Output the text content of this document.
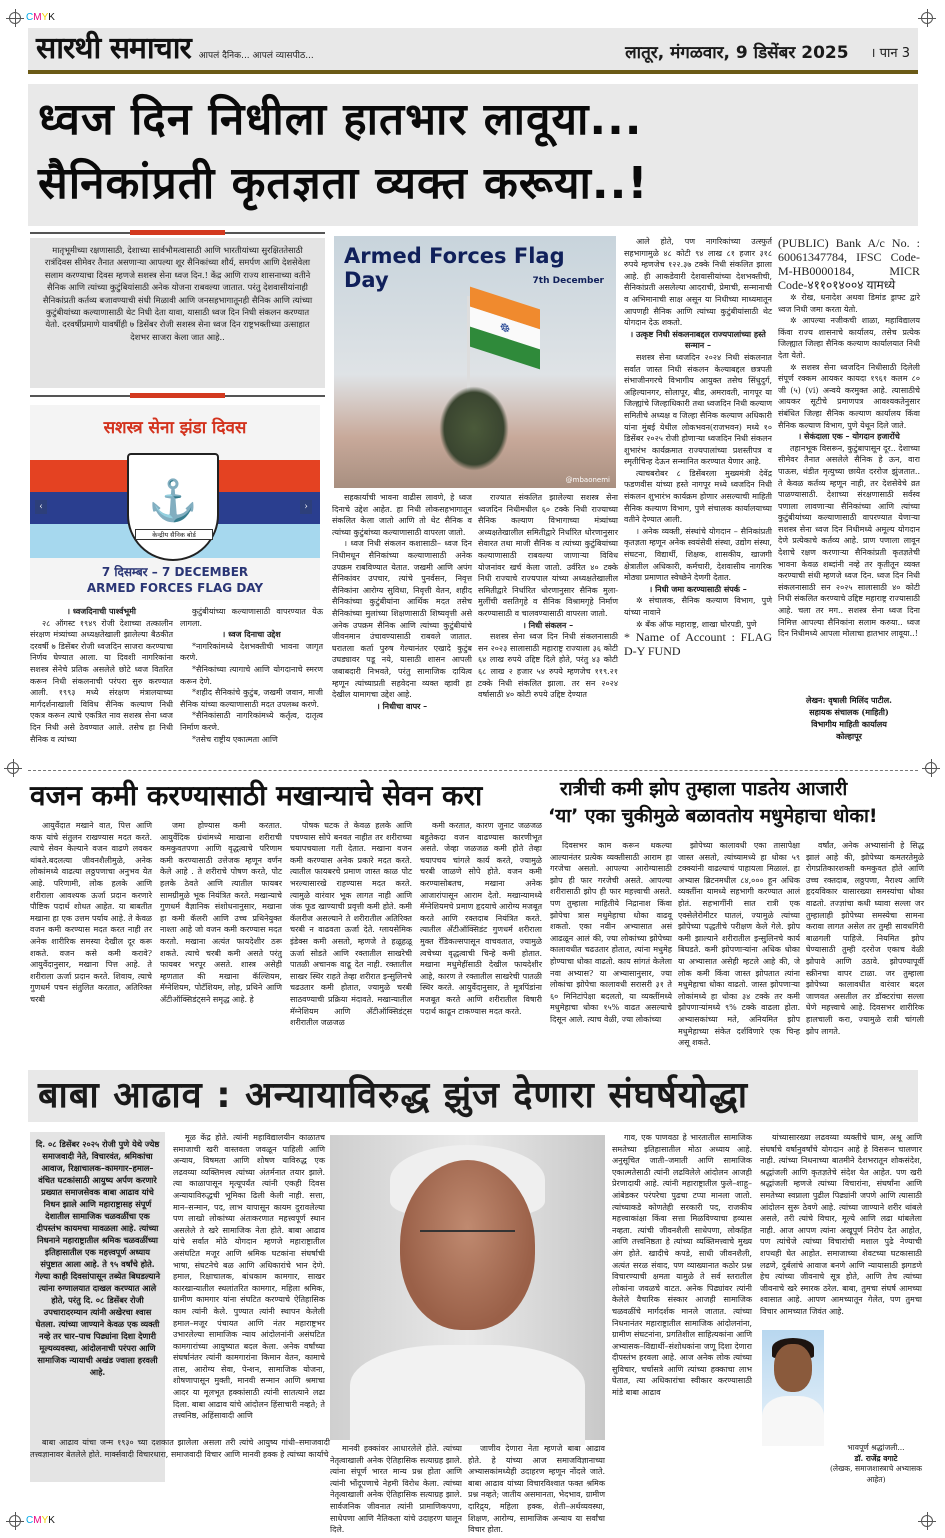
CMYK
CMYK
सारथी समाचार आपलं दैनिक... आपलं व्यासपीठ...	लातूर, मंगळवार, 9 डिसेंबर 2025 । पान 3
ध्वज दिन निधीला हातभार लावूया...
सैनिकांप्रती कृतज्ञता व्यक्त करूया..!
मातृभूमीच्या रक्षणासाठी, देशाच्या सार्वभौमत्वासाठी आणि भारतीयांच्या सुरक्षिततेसाठी रात्रंदिवस सीमेवर तैनात असणाऱ्या आपल्या शूर सैनिकांच्या शौर्य, समर्पण आणि देशसेवेला सलाम करण्याचा दिवस म्हणजे सशस्त्र सेना ध्वज दिन.! केंद्र आणि राज्य शासनाच्या वतीने सैनिक आणि त्यांच्या कुटुंबियांसाठी अनेक योजना राबवल्या जातात. परंतु देशवासीयांनाही सैनिकांप्रती कर्तव्य बजावण्याची संधी मिळावी आणि जनसहभागातूनही सैनिक आणि त्यांच्या कुटुंबीयांच्या कल्याणासाठी थेट निधी देता यावा, यासाठी ध्वज दिन निधी संकलन करण्यात येतो. दरवर्षीप्रमाणे यावर्षीही ७ डिसेंबर रोजी सशस्त्र सेना ध्वज दिन राष्ट्रभक्तीच्या उत्साहात देशभर साजरा केला जात आहे..
सशस्त्र सेना झंडा दिवस
⚓
केन्द्रीय सैनिक बोर्ड
‹	›
7 दिसम्बर – 7 DECEMBER
ARMED FORCES FLAG DAY
Armed Forces Flag Day	7th December
☸
@mbaonemi

। ध्वजदिनाची पार्श्वभूमी

२८ ऑगस्ट १९४९ रोजी देशाच्या तत्कालीन संरक्षण मंत्र्यांच्या अध्यक्षतेखाली झालेल्या बैठकीत दरवर्षी ७ डिसेंबर रोजी ध्वजदिन साजरा करण्याचा निर्णय घेण्यात आला. या दिवशी नागरिकांना सशस्त्र सेनेचे प्रतिक असलेले छोटे ध्वज वितरित करून निधी संकलनाची परंपरा सुरु करण्यात आली. १९९३ मध्ये संरक्षण मंत्रालयाच्या मार्गदर्शनाखाली विविध सैनिक कल्याण निधी एकत्र करून त्याचे एकत्रित नाव सशस्त्र सेना ध्वज दिन निधी असे ठेवण्यात आले. तसेच हा निधी सैनिक व त्यांच्या

कुटुंबीयांच्या कल्याणासाठी वापरण्यात येऊ लागला.

। ध्वज दिनाचा उद्देश

*नागरिकांमध्ये देशभक्तीची भावना जागृत करणे.

*सैनिकांच्या त्यागाचे आणि योगदानाचे स्मरण करून देणे.

*शहीद सैनिकांचे कुटुंब, जखमी जवान, माजी सैनिक यांच्या कल्याणासाठी मदत उपलब्ध करणे.

*सैनिकांसाठी नागरिकांमध्ये कर्तृत्व, दातृत्व निर्माण करणे.

*तसेच राष्ट्रीय एकात्मता आणि

सहकार्याची भावना वाढीस लावणे, हे ध्वज दिनाचे उद्देश आहेत. हा निधी लोकसहभागातून संकलित केला जातो आणि तो थेट सैनिक व त्यांच्या कुटुंबांच्या कल्याणासाठी वापरला जातो.

। ध्वज निधी संकलन कशासाठी– ध्वज दिन निधीमधून सैनिकांच्या कल्याणासाठी अनेक उपक्रम राबविण्यात येतात. जखमी आणि अपंग सैनिकांवर उपचार, त्यांचे पुनर्वसन, निवृत्त सैनिकांना आरोग्य सुविधा, निवृत्ती वेतन, शहीद सैनिकांच्या कुटुंबीयांना आर्थिक मदत तसेच सैनिकांच्या मुलांच्या शिक्षणासाठी शिष्यवृत्ती असे अनेक उपक्रम सैनिक आणि त्यांच्या कुटुंबीयांचे जीवनमान उंचावण्यासाठी राबवले जातात. घरातला कर्ता पुरुष गेल्यानंतर एखादे कुटुंब उघड्यावर पडू नये, यासाठी शासन आपली जबाबदारी निभवते, परंतु सामाजिक दायित्व म्हणून त्यांच्याप्रती सहवेदना व्यक्त व्हावी हा देखील यामागचा उद्देश आहे.

। निधीचा वापर –

राज्यात संकलित झालेल्या सशस्त्र सेना ध्वजदिन निधीमधील ६० टक्के निधी राज्याच्या सैनिक कल्याण विभागाच्या मंत्र्यांच्या अध्यक्षतेखालील समितीद्वारे निर्धारित धोरणानुसार सेवारत तथा माजी सैनिक व त्यांच्या कुटुंबियांच्या कल्याणासाठी राबवल्या जाणाऱ्या विविध योजनांवर खर्च केला जातो. उर्वरित ४० टक्के निधी राज्याचे राज्यपाल यांच्या अध्यक्षतेखालील समितीद्वारे निर्धारित धोरणानुसार सैनिक मुला-मुलींची वसतिगृहे व सैनिक विश्रामगृहे निर्माण करण्यासाठी व चालवण्यासाठी वापरला जातो.

। निधी संकलन –

सशस्त्र सेना ध्वज दिन निधी संकलनासाठी सन २०२३ सालासाठी महाराष्ट्र राज्याला ३६ कोटी ६४ लाख रुपये उद्दिष्ट दिले होते, परंतु ४३ कोटी ६८ लाख २ हजार ५४ रुपये म्हणजेच ११९.२१ टक्के निधी संकलित झाला. तर सन २०२४ वर्षासाठी ४० कोटी रुपये उद्दिष्ट देण्यात

आले होते, पण नागरिकांच्या उत्स्फुर्त सहभागामुळे ४८ कोटी ९४ लाख ८१ हजार ३१८ रुपये म्हणजेच १२२.३७ टक्के निधी संकलित झाला आहे. ही आकडेवारी देशवासीयांच्या देशभक्तीची, सैनिकांप्रती असलेल्या आदराची, प्रेमाची, सन्मानाची व अभिमानाची साक्ष असून या निधीच्या माध्यमातून आपणही सैनिक आणि त्यांच्या कुटुंबीयांसाठी थेट योगदान देऊ शकतो.

। उत्कृष्ट निधी संकलनाबद्दल राज्यपालांच्या हस्ते सन्मान –

सशस्त्र सेना ध्वजदिन २०२४ निधी संकलनात सर्वात जास्त निधी संकलन केल्याबद्दल छत्रपती संभाजीनगरचे विभागीय आयुक्त तसेच सिंधुदुर्ग, अहिल्यानगर, सोलापूर, बीड, अमरावती, नागपूर या जिल्ह्यांचे जिल्हाधिकारी तथा ध्वजदिन निधी कल्याण समितीचे अध्यक्ष व जिल्हा सैनिक कल्याण अधिकारी यांना मुंबई येथील लोकभवन(राजभवन) मध्ये १० डिसेंबर २०२५ रोजी होणाऱ्या ध्वजदिन निधी संकलन शुभारंभ कार्यक्रमात राज्यपालांच्या प्रशस्तीपत्र व स्मृतीचिन्ह देऊन सन्मानित करण्यात येणार आहे.

त्याचबरोबर ८ डिसेंबरला मुख्यमंत्री देवेंद्र फडणवीस यांच्या हस्ते नागपूर मध्ये ध्वजदिन निधी संकलन शुभारंभ कार्यक्रम होणार असल्याची माहिती सैनिक कल्याण विभाग, पुणे संचालक कार्यालयाच्या वतीने देण्यात आली.

। अनेक व्यक्ती, संस्थांचे योगदान – सैनिकांप्रती कृतज्ञता म्हणून अनेक स्वयंसेवी संस्था, उद्योग संस्था, संघटना, विद्यार्थी, शिक्षक, शासकीय, खाजगी क्षेत्रातील अधिकारी, कर्मचारी, देशवासीय नागरिक मोठ्या प्रमाणात स्वेच्छेने देणगी देतात.

। निधी जमा करण्यासाठी संपर्क –

✲ संचालक, सैनिक कल्याण विभाग, पुणे यांच्या नावाने

✲ बँक ऑफ महाराष्ट्र, शाखा घोरपडी, पुणे

* Name of Account : FLAG D-Y FUND

(PUBLIC) Bank A/c No. : 60061347784, IFSC Code-M-HB0000184, MICR Code-४११०१४००४ यामध्ये

✲ रोख, धनादेश अथवा डिमांड ड्राफ्ट द्वारे ध्वज निधी जमा करता येतो.

✲ आपल्या नजीकची शाळा, महाविद्यालय किंवा राज्य शासनाचे कार्यालय, तसेच प्रत्येक जिल्ह्यात जिल्हा सैनिक कल्याण कार्यालयात निधी देता येतो.

✲ सशस्त्र सेना ध्वजदिन निधीसाठी दिलेली संपूर्ण रक्कम आयकर कायदा १९६१ कलम ८० जी (५) (vi) अन्वये करमुक्त आहे. त्यासाठीचे आयकर सूटीचे प्रमाणपत्र आवश्यकतेनुसार संबंधित जिल्हा सैनिक कल्याण कार्यालय किंवा सैनिक कल्याण विभाग, पुणे येथून दिले जाते.

। सेकंदाला एक – योगदान हजारोंचे

तहानभूक विसरून, कुटुंबापासून दूर.. देशाच्या सीमेवर तैनात असलेले सैनिक हे ऊन, वारा पाऊस, थंडीत मृत्युच्या छायेत दररोज झुंजतात.. ते केवळ कर्तव्य म्हणून नाही, तर देशसेवेचे व्रत पाळण्यासाठी. देशाच्या संरक्षणासाठी सर्वस्व पणाला लावणाऱ्या सैनिकांच्या आणि त्यांच्या कुटुंबीयांच्या कल्याणासाठी वापरण्यात येणाऱ्या सशस्त्र सेना ध्वज दिन निधीमध्ये अमूल्य योगदान देणे प्रत्येकाचे कर्तव्य आहे. प्राण पणाला लावून देशाचे रक्षण करणाऱ्या सैनिकांप्रती कृतज्ञतेची भावना केवळ शब्दांनी नव्हे तर कृतीतून व्यक्त करण्याची संधी म्हणजे ध्वज दिन. ध्वज दिन निधी संकलनासाठी सन २०२५ सालासाठी ४० कोटी निधी संकलित करण्याचे उद्दिष्ट महाराष्ट्र राज्यासाठी आहे. चला तर मग.. सशस्त्र सेना ध्वज दिना निमित्त आपल्या सैनिकांना सलाम करुया.. ध्वज दिन निधीमध्ये आपला मोलाचा हातभार लावूया..!

लेखन: वृषाली मिलिंद पाटील.
सहायक संचालक (माहिती)
विभागीय माहिती कार्यालय
कोल्हापूर
वजन कमी करण्यासाठी मखान्याचे सेवन करा

आयुर्वेदात मखाने वात, पित्त आणि कफ यांचे संतुलन राखण्यास मदत करते. त्याचे सेवन केल्याने वजन वाढणे लवकर थांबते.बदलत्या जीवनशैलीमुळे, अनेक लोकांमध्ये वाढत्या लठ्ठपणाचा अनुभव येत आहे. परिणामी, लोक हलके आणि शरीराला आवश्यक ऊर्जा प्रदान करणारे पौष्टिक पदार्थ शोधत आहेत. या बाबतीत मखाना हा एक उत्तम पर्याय आहे. ते केवळ वजन कमी करण्यास मदत करत नाही तर अनेक शारीरिक समस्या देखील दूर करू शकते. वजन कसे कमी करावे? आयुर्वेदानुसार, मखाना पित्त आहे. ते शरीराला ऊर्जा प्रदान करते. शिवाय, त्याचे गुणधर्म पचन संतुलित करतात, अतिरिक्त चरबी

जमा होण्यास कमी करतात. आयुर्वेदिक ग्रंथांमध्ये माखाना शरीराची कमकुवतपणा आणि वृद्धत्वाचे परिणाम कमी करण्यासाठी उत्तेजक म्हणून वर्णन केले आहे . ते शरीराचे पोषण करते, पोट हलके ठेवते आणि त्यातील फायबर सामग्रीमुळे भूक नियंत्रित करते. मखान्याचे गुणधर्म वैज्ञानिक संशोधनानुसार, मखाना हा कमी कॅलरी आणि उच्च प्रथिनेयुक्त नाश्ता आहे जो वजन कमी करण्यास मदत करतो. मखाना अत्यंत फायदेशीर ठरू शकते. त्याचे चरबी कमी असते परंतु फायबर भरपूर असते. शास्त्र असेही म्हणतात की मखाना कॅल्शियम, मॅग्नेशियम, पोटॅशियम, लोह, प्रथिने आणि अँटीऑक्सिडंट्सने समृद्ध आहे. हे

पोषक घटक ते केवळ हलके आणि पचण्यास सोपे बनवत नाहीत तर शरीराच्या चयापचयाला गती देतात. मखाना वजन कमी करण्यास अनेक प्रकारे मदत करते. त्यातील फायबरचे प्रमाण जास्त काळ पोट भरल्यासारखे राहण्यास मदत करते. त्यामुळे वारंवार भूक लागत नाही आणि जंक फूड खाण्याची प्रवृत्ती कमी होते. कमी कॅलरीज असल्याने ते शरीरातील अतिरिक्त चरबी न वाढवता ऊर्जा देते. ग्लायसेमिक इंडेक्स कमी असतो, म्हणजे ते हळूहळू ऊर्जा सोडते आणि रक्तातील साखरेची पातळी अचानक वाढू देत नाही. रक्तातील साखर स्थिर राहते तेव्हा शरीरात इन्सुलिनचे चढउतार कमी होतात, ज्यामुळे चरबी साठवण्याची प्रक्रिया मंदावते. मखान्यातील मॅग्नेशियम आणि अँटीऑक्सिडंट्स शरीरातील जळजळ

कमी करतात, कारण जुनाट जळजळ बहुतेकदा वजन वाढण्यास कारणीभूत असते. जेव्हा जळजळ कमी होते तेव्हा चयापचय चांगले कार्य करते, ज्यामुळे चरबी जाळणे सोपे होते. वजन कमी करण्यासोबतच, मखाना अनेक आजारांपासून आराम देतो. मखान्यामध्ये मॅग्नेशियमचे प्रमाण हृदयाचे आरोग्य मजबूत करते आणि रक्तदाब नियंत्रित करते. त्यातील अँटीऑक्सिडंट गुणधर्म शरीराला मुक्त रॅडिकल्सपासून वाचवतात, ज्यामुळे त्वचेच्या वृद्धत्वाची चिन्हे कमी होतात. मखाना मधुमेहींसाठी देखील फायदेशीर आहे, कारण ते रक्तातील साखरेची पातळी स्थिर करते. आयुर्वेदानुसार, ते मूत्रपिंडांना मजबूत करते आणि शरीरातील विषारी पदार्थ काढून टाकण्यास मदत करते.

रात्रीची कमी झोप तुम्हाला पाडतेय आजारी
‘या’ एका चुकीमुळे बळावतोय मधुमेहाचा धोका!

दिवसभर काम करून थकल्या आल्यानंतर प्रत्येक व्यक्तीसाठी आराम हा गरजेचा असतो. आपल्या आरोग्यासाठी झोप ही फार गरजेची असते. आपल्या शरीरासाठी झोप ही फार महत्त्वाची असते. पण तुम्हाला माहितीये निद्रानाश किंवा झोपेचा त्रास मधुमेहाचा धोका वाढवू शकतो. एका नवीन अभ्यासात असं आढळून आलं की, ज्या लोकांच्या झोपेच्या कालावधीत चढउतार होतात, त्यांना मधुमेह होण्याचा धोका वाढतो. काय सांगतं केलेला नवा अभ्यास? या अभ्यासानुसार, ज्या लोकांचा झोपेचा कालावधी सरासरी ३१ ते ६० मिनिटांपेक्षा बदलतो, या व्यक्तींमध्ये मधुमेहाचा धोका १५% वाढत असल्याचे दिसून आले. त्याच वेळी, ज्या लोकांच्या

झोपेच्या कालावधी एका तासापेक्षा जास्त असतो, त्यांच्यामध्ये हा धोका ५९ टक्क्यांनी वाढल्याचं पाहायला मिळालं. हा अभ्यास ब्रिटनमधील ८४,००० हून अधिक व्यक्तींना यामध्ये सहभागी करण्यात आलं होतं. सहभागींनी सात रात्री एक एक्सेलेरोमीटर घातलं, ज्यामुळे त्यांच्या झोपेच्या पद्धतीचे परीक्षण केले गेले. झोप कमी झाल्याने शरीरातील इन्सुलिनचे कार्य बिघडते. कमी झोपणाऱ्यांना अधिक धोका या अभ्यासात असेही म्हटले आहे की, जे लोक कमी किंवा जास्त झोपतात त्यांना मधुमेहाचा धोका वाढतो. जास्त झोपणाऱ्या लोकांमध्ये हा धोका ३४ टक्के तर कमी झोपणाऱ्यांमध्ये ९% टक्के वाढला होता. अभ्यासकांच्या मते, अनियमित झोप मधुमेहाच्या संकेत दर्शविणारे एक चिन्ह असू शकते.

वर्षांत, अनेक अभ्यासांनी हे सिद्ध झालं आहे की, झोपेच्या कमतरतेमुळे रोगप्रतिकारशक्ती कमकुवत होते आणि उच्च रक्तदाब, लठ्ठपणा, नैराश्य आणि हृदयविकार यासारख्या समस्यांचा धोका वाढतो. तज्ज्ञांचा कधी घ्यावा सल्ला जर तुम्हालाही झोपेच्या समस्येचा सामना करावा लागत असेल तर तुम्ही सावधगिरी बाळगली पाहिजे. नियमित झोप घेण्यासाठी तुम्ही दररोज एकाच वेळी झोपावे आणि उठावे. झोपण्यापूर्वी स्क्रीनचा वापर टाळा. जर तुम्हाला झोपेच्या कालावधीत वारंवार बदल जाणवत असतील तर डॉक्टरांचा सल्ला घेणे महत्त्वाचे आहे. दिवसभर शारीरिक हालचाली करा, ज्यामुळे रात्री चांगली झोप लागते.

बाबा आढाव : अन्यायाविरुद्ध झुंज देणारा संघर्षयोद्धा
दि. ०८ डिसेंबर २०२५ रोजी पुणे येथे ज्येष्ठ समाजवादी नेते, विचारवंत, श्रमिकांचा आवाज, रिक्षाचालक–कामगार–हमाल–वंचित घटकांसाठी आयुष्य अर्पण करणारे प्रख्यात समाजसेवक बाबा आढाव यांचे निधन झाले आणि महाराष्ट्रासह संपूर्ण देशातील सामाजिक चळवळींचा एक दीपस्तंभ कायमचा मावळला आहे. त्यांच्या निधनाने महाराष्ट्रातील श्रमिक चळवळींच्या इतिहासातील एक महत्त्वपूर्ण अध्याय संपुष्टात आला आहे. ते ९५ वर्षांचे होते. गेल्या काही दिवसांपासून तब्येत बिघडल्याने त्यांना रुग्णालयात दाखल करण्यात आले होते, परंतु दि. ०८ डिसेंबर रोजी उपचारादरम्यान त्यांनी अखेरचा श्वास घेतला. त्यांच्या जाण्याने केवळ एक व्यक्ती नव्हे तर चार–पाच पिढ्यांना दिशा देणारी मूल्यव्यवस्था, आंदोलनाची परंपरा आणि सामाजिक न्यायाची अखंड ज्वाला हरवली आहे.

बाबा आढाव यांचा जन्म १९३० च्या दशकात झालेला असला तरी त्यांचे आयुष्य गांधी–समाजवादी तत्त्वज्ञानावर बेतलेले होते. मार्क्सवादी विचारधारा, समाजवादी विचार आणि मानवी हक्क हे त्यांच्या कार्याचे

मानवी हक्कांवर आधारलेले होते. त्यांच्या नेतृत्वाखाली अनेक ऐतिहासिक सत्याग्रह झाले. त्यांना संपूर्ण भारत मान्य प्रश्न होता आणि त्यांनी भोंदूपणाचे नेहमी विरोध केला. त्यांच्या नेतृत्वाखाली अनेक ऐतिहासिक सत्याग्रह झाले. सार्वजनिक जीवनात त्यांनी प्रामाणिकपणा, साधेपणा आणि नैतिकता यांचे उदाहरण घालून दिले.

जाणीव देणारा नेता म्हणजे बाबा आढाव होते. हे यांच्या आज समाजविज्ञानाच्या अभ्यासकांमध्येही उदाहरण म्हणून नोंदले जाते. बाबा आढाव यांच्या विचारविश्वात फक्त श्रमिक प्रश्न नव्हते; जातीय असमानता, भेदभाव, ग्रामीण दारिद्र्य, महिला हक्क, शेती–अर्थव्यवस्था, शिक्षण, आरोग्य, सामाजिक अन्याय या सर्वांचा विचार होता.

गाव, एक पाणवठा हे भारतातील सामाजिक समतेच्या इतिहासातील मोठा अध्याय आहे. अनुसूचित जाती–जमाती आणि सामाजिक एकात्मतेसाठी त्यांनी लढविलेले आंदोलन आजही प्रेरणादायी आहे. त्यांनी महाराष्ट्रातील फुले–शाहू–आंबेडकर परंपरेचा पुढचा टप्पा मानला जातो. त्यांच्याकडे कोणतेही सरकारी पद, राजकीय महत्त्वाकांक्षा किंवा सत्ता मिळविण्याचा हव्यास नव्हता. त्यांची जीवनशैली साधेपणा, लोकहित आणि तत्त्वनिष्ठता हे त्यांच्या व्यक्तिमत्त्वाचे मुख्य अंग होते. खादीचे कपडे, साधी जीवनशैली, अत्यंत सरळ संवाद, पण व्याख्यानात कठोर प्रश्न विचारण्याची क्षमता यामुळे ते सर्व स्तरातील लोकांना जवळचे वाटत. अनेक पिढ्यांवर त्यांनी केलेले वैचारिक संस्कार आजही सामाजिक चळवळींचे मार्गदर्शक मानले जातात. त्यांच्या निधनानंतर महाराष्ट्रातील सामाजिक आंदोलनांना, ग्रामीण संघटनांना, प्रगतिशील साहित्यकांना आणि अभ्यासक–विद्यार्थी–संशोधकांना जणू दिशा देणारा दीपस्तंभ हरवला आहे. आज अनेक लोक त्यांच्या सुविचार, चर्चासत्रे आणि त्यांच्या हक्काचा लाभ घेतात, त्या अधिकारांचा स्वीकार करण्यासाठी मांडे बाबा आढाव

यांच्यासारख्या लढवय्या व्यक्तीचे घाम, अश्रू आणि संघर्षाचे वर्षानुवर्षांचे योगदान आहे हे विसरून चालणार नाही. त्यांच्या निधनाच्या बातमीने देशभरातून शोकसंदेश, श्रद्धांजली आणि कृतज्ञतेचे संदेश येत आहेत. पण खरी श्रद्धांजली म्हणजे त्यांच्या विचारांना, संघर्षांना आणि समतेच्या स्वप्नाला पुढील पिढ्यांनी जपणे आणि त्यासाठी आंदोलन सुरू ठेवणे आहे. त्यांच्या जाण्याने शरीर थांबले असले, तरी त्यांचे विचार, मूल्ये आणि लढा थांबलेला नाही. आज आपण त्यांना अखूपूर्ण निरोप देत आहोत, पण त्यांचेजे त्यांच्या विचारांची मशाल पुढे नेण्याची शपथही घेत आहोत. समाजाच्या शेवटच्या घटकासाठी लढणे, दुर्बलांचे आवाज बनणे आणि न्यायासाठी झगडणे हेच त्यांच्या जीवनाचे सूत्र होते, आणि तेच त्यांच्या जीवनाचे खरे स्मारक ठरेल. बाबा, तुमचा संघर्ष आमच्या श्वासात आहे. आपण आमच्यातून गेलेत, पण तुमचा विचार आमच्यात जिवंत आहे.

मूळ केंद्र होते. त्यांनी महाविद्यालयीन काळातच समाजाची खरी वास्तवता जवळून पाहिली आणि अन्याय, विषमता आणि शोषण याविरुद्ध एक लढवय्या व्यक्तिमत्त्व त्यांच्या अंतर्मनात तयार झाले. त्या काळापासून मृत्यूपर्यंत त्यांनी एकही दिवस अन्यायाविरुद्धची भूमिका ढिली केली नाही. सत्ता, मान–सन्मान, पद, लाभ यापासून कायम दुरावलेल्या पण लाखो लोकांच्या अंतःकरणात महत्त्वपूर्ण स्थान असलेले ते खरे सामाजिक नेता होते. बाबा आढाव यांचे सर्वात मोठे योगदान म्हणजे महाराष्ट्रातील असंघटित मजूर आणि श्रमिक घटकांना संघर्षाची भाषा, संघटनेचे बळ आणि अधिकारांचे भान देणे. हमाल, रिक्षाचालक, बांधकाम कामगार, साखर कारखान्यातील स्थलांतरित कामगार, महिला श्रमिक, ग्रामीण कामगार यांना संघटित करण्याचे ऐतिहासिक काम त्यांनी केले. पुण्यात त्यांनी स्थापन केलेली हमाल–मजूर पंचायत आणि नंतर महाराष्ट्रभर उभारलेल्या सामाजिक न्याय आंदोलनांनी असंघटित कामगारांच्या आयुष्यात बदल केला. अनेक वर्षांच्या संघर्षानंतर त्यांनी कामगारांना किमान वेतन, कामाचे तास, आरोग्य सेवा, पेन्शन, सामाजिक योजना, शोषणापासून मुक्ती, मानवी सन्मान आणि श्रमाचा आदर या मूलभूत हक्कांसाठी त्यांनी सातत्याने लढा दिला. बाबा आढाव यांचे आंदोलन हिंसाचारी नव्हते; ते तत्त्वनिष्ठ, अहिंसावादी आणि

भावपूर्ण श्रद्धांजली...
डॉ. राजेंद्र वगाटे
(लेखक, समाजशास्त्राचे अभ्यासक आहेत)
